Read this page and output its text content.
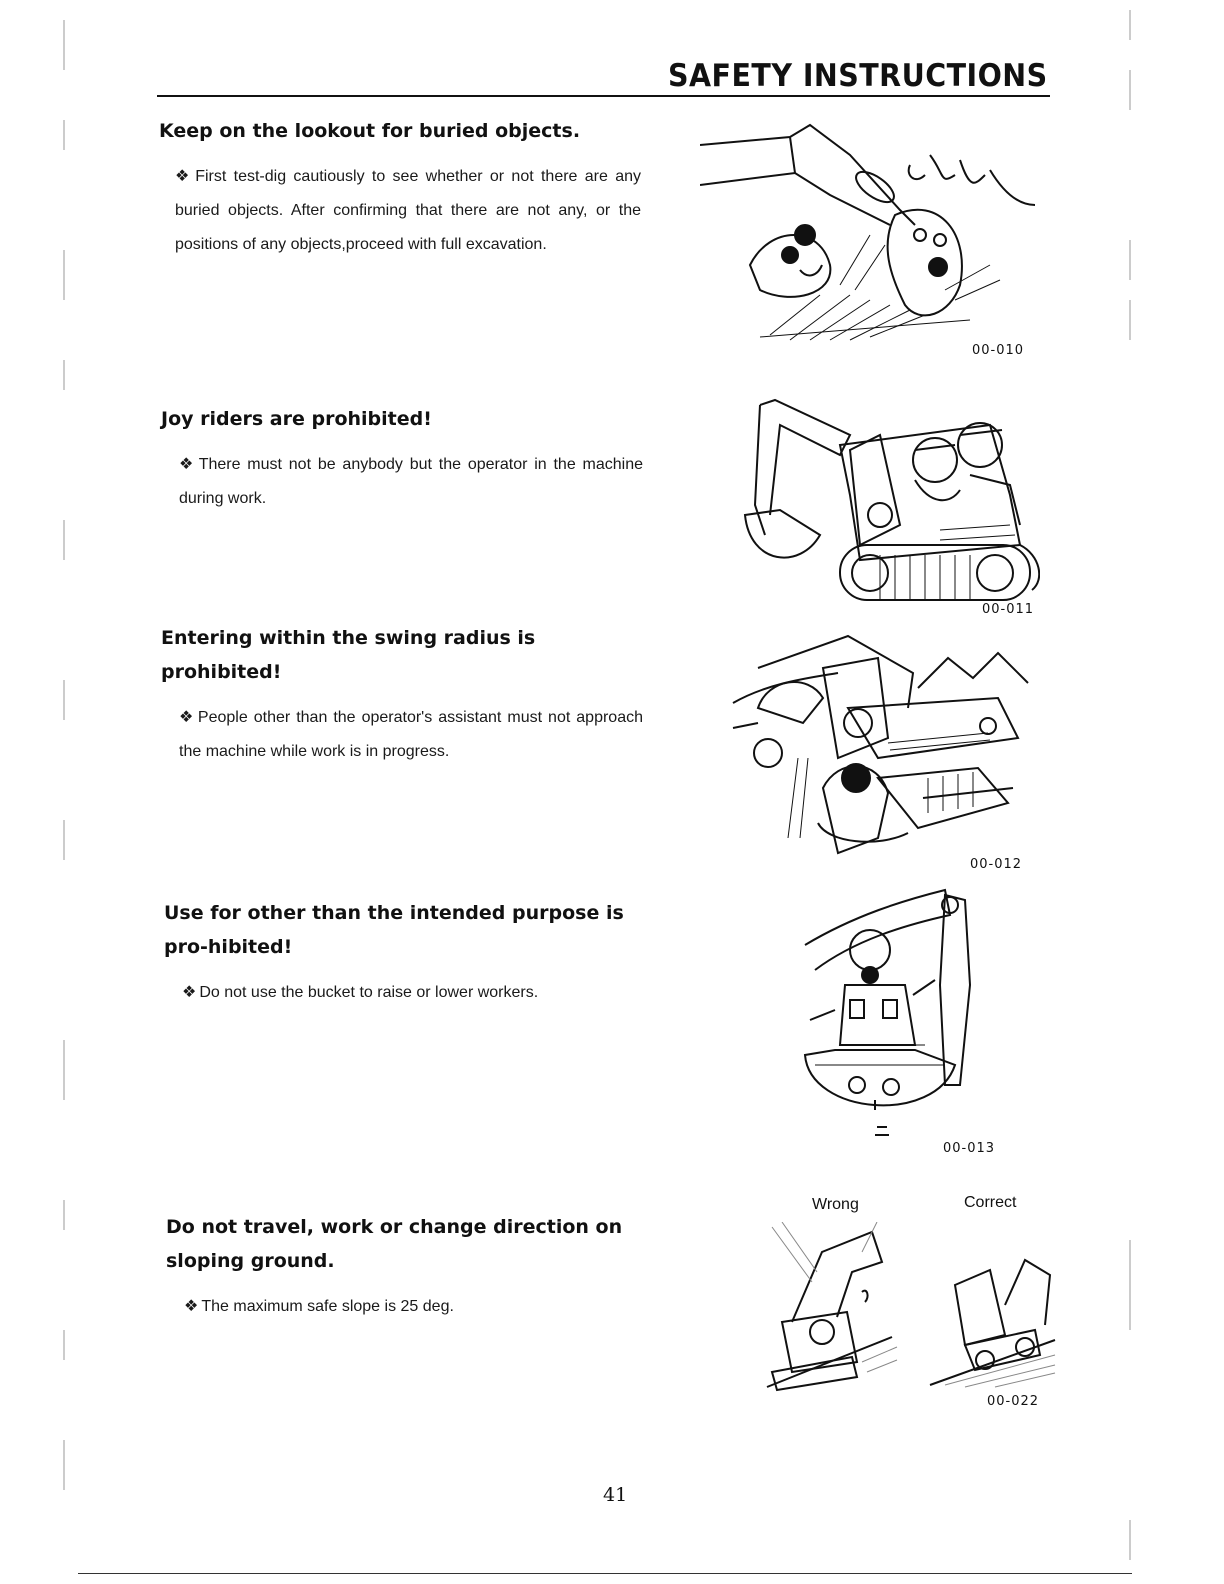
SAFETY INSTRUCTIONS
Keep on the lookout for buried objects.
❖ First test-dig cautiously to see whether or not there are any buried objects. After confirming that there are not any, or the positions of any objects,proceed with full excavation.
00-010
Joy riders are prohibited!
❖ There must not be anybody but the operator in the machine during work.
00-011
Entering within the swing radius is prohibited!
❖ People other than the operator's assistant must not approach the machine while work is in progress.
00-012
Use for other than the intended purpose is pro-hibited!
❖ Do not use the bucket to raise or lower workers.
00-013
Do not travel, work or change direction on sloping ground.
❖ The maximum safe slope is 25 deg.
Wrong	Correct
00-022
41
